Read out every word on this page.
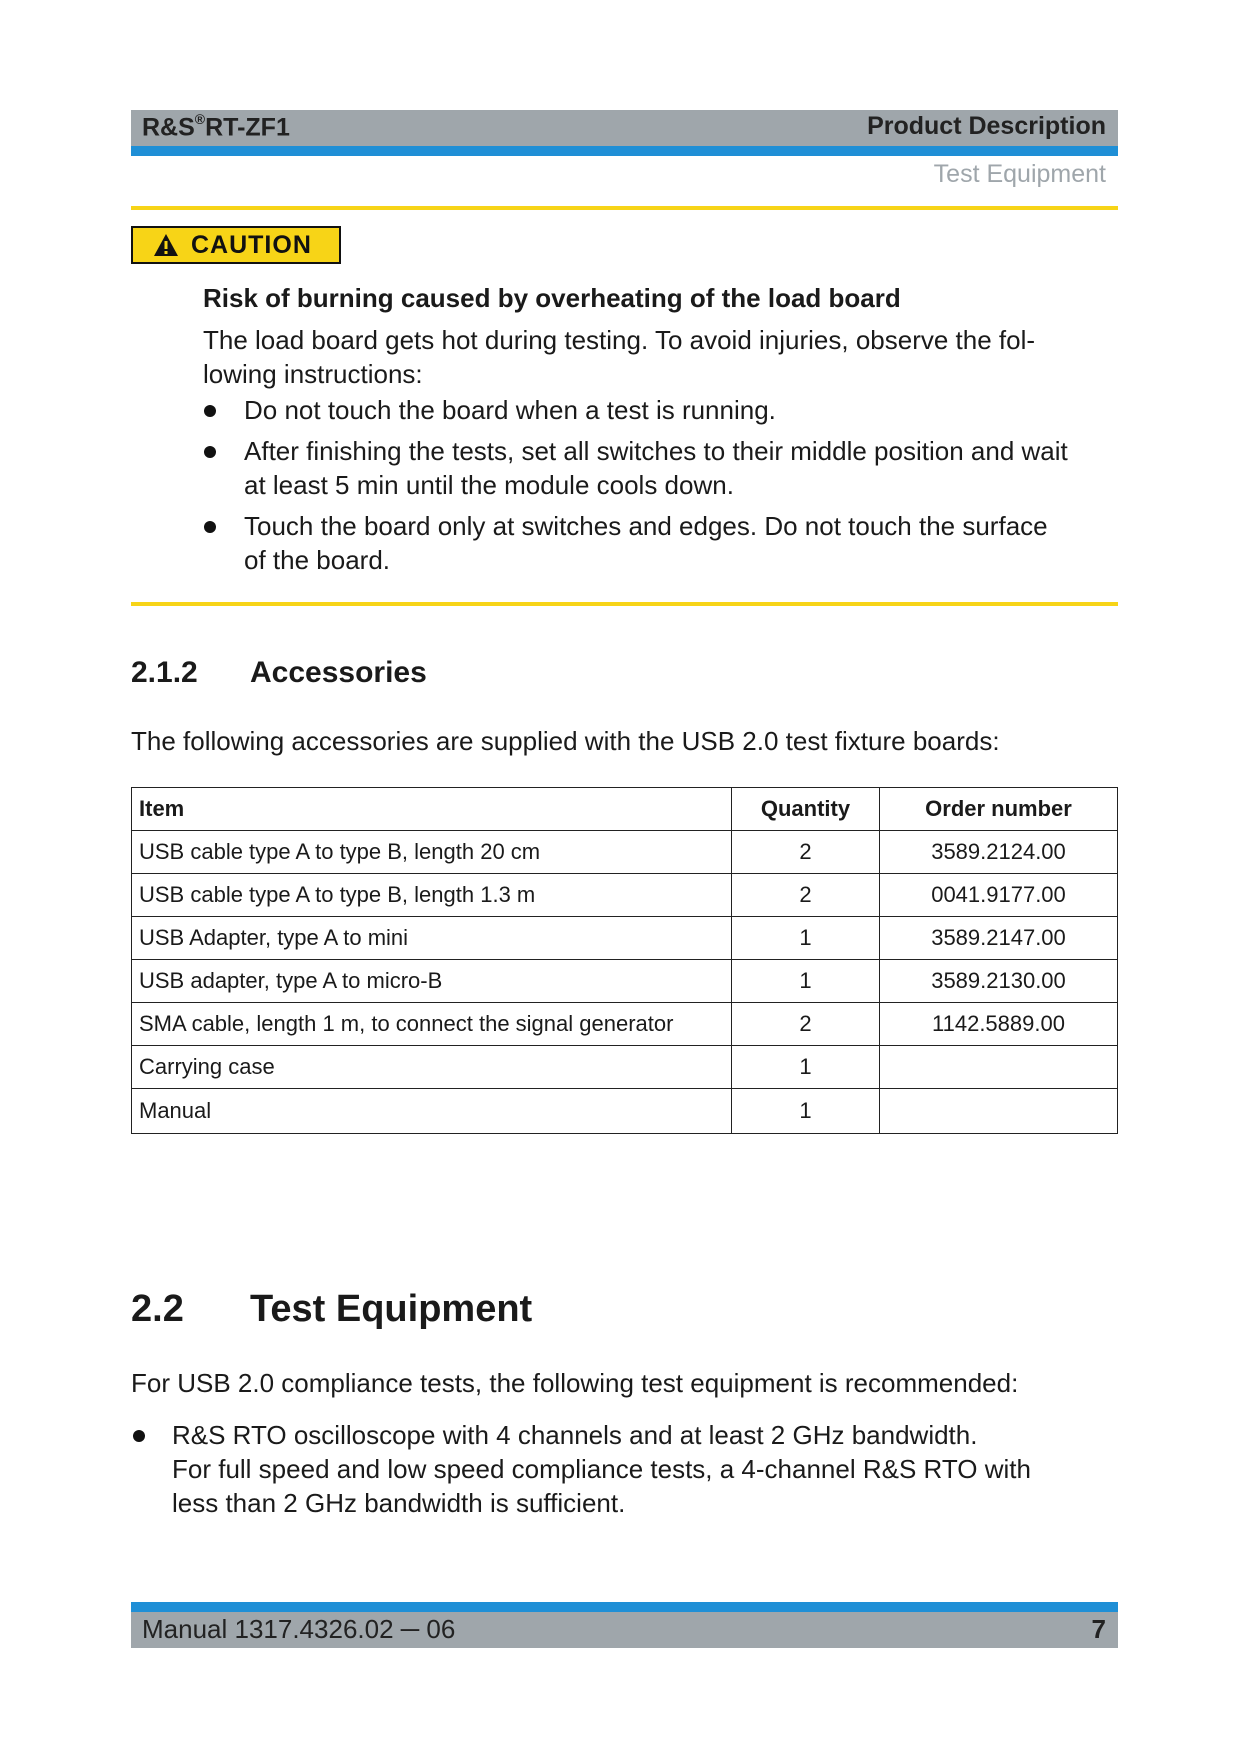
R&S®RT-ZF1	Product Description
Test Equipment
CAUTION
Risk of burning caused by overheating of the load board
The load board gets hot during testing. To avoid injuries, observe the fol-
lowing instructions:
Do not touch the board when a test is running.
After finishing the tests, set all switches to their middle position and wait
at least 5 min until the module cools down.
Touch the board only at switches and edges. Do not touch the surface
of the board.
2.1.2 Accessories
The following accessories are supplied with the USB 2.0 test fixture boards:
Item	Quantity	Order number
USB cable type A to type B, length 20 cm	2	3589.2124.00
USB cable type A to type B, length 1.3 m	2	0041.9177.00
USB Adapter, type A to mini	1	3589.2147.00
USB adapter, type A to micro-B	1	3589.2130.00
SMA cable, length 1 m, to connect the signal generator	2	1142.5889.00
Carrying case	1	
Manual	1	
2.2 Test Equipment
For USB 2.0 compliance tests, the following test equipment is recommended:
R&S RTO oscilloscope with 4 channels and at least 2 GHz bandwidth.
For full speed and low speed compliance tests, a 4-channel R&S RTO with
less than 2 GHz bandwidth is sufficient.
Manual 1317.4326.02 ─ 06	7
